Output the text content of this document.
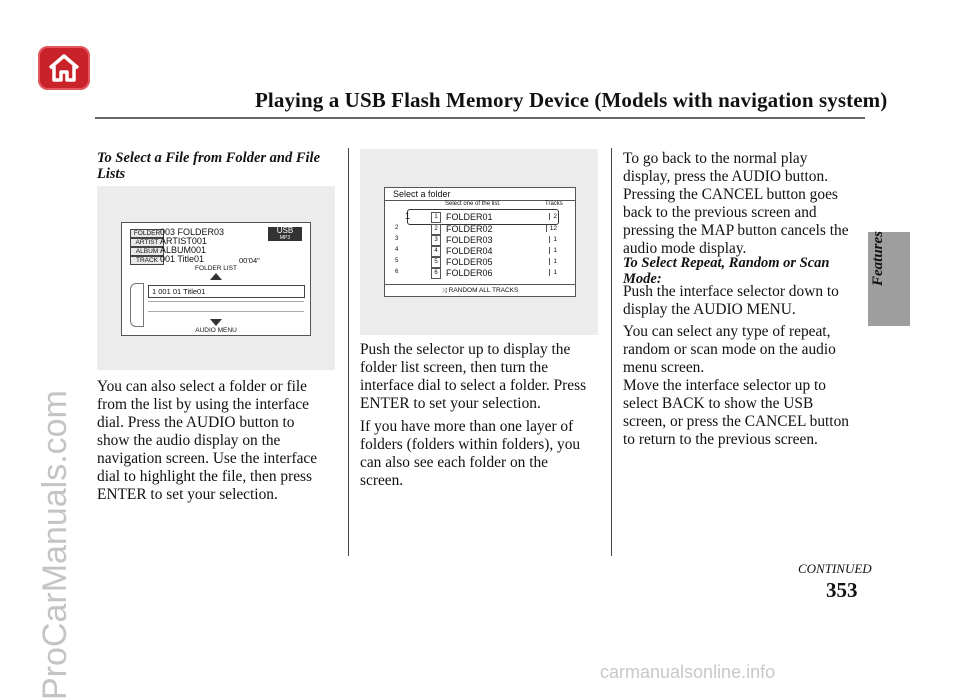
Playing a USB Flash Memory Device (Models with navigation system)
Features
ProCarManuals.com	carmanualsonline.info
To Select a File from Folder and File Lists
FOLDER
ARTIST
ALBUM
TRACK
003 FOLDER03
ARTIST001
ALBUM001
001 Title01	00'04"
USB
MP3
FOLDER LIST
1 001 01 Title01
AUDIO MENU
You can also select a folder or file
from the list by using the interface
dial. Press the AUDIO button to
show the audio display on the
navigation screen. Use the interface
dial to highlight the file, then press
ENTER to set your selection.
Select a folder
Select one of the list.	Tracks
1	1 FOLDER01	2
2	2 FOLDER02	12
3	3 FOLDER03	1
4	4 FOLDER04	1
5	5 FOLDER05	1
6	6 FOLDER06	1
⤨ RANDOM ALL TRACKS
Push the selector up to display the
folder list screen, then turn the
interface dial to select a folder. Press
ENTER to set your selection.
If you have more than one layer of
folders (folders within folders), you
can also see each folder on the
screen.
To go back to the normal play
display, press the AUDIO button.
Pressing the CANCEL button goes
back to the previous screen and
pressing the MAP button cancels the
audio mode display.
To Select Repeat, Random or Scan
Mode:
Push the interface selector down to
display the AUDIO MENU.
You can select any type of repeat,
random or scan mode on the audio
menu screen.
Move the interface selector up to
select BACK to show the USB
screen, or press the CANCEL button
to return to the previous screen.
CONTINUED
353
